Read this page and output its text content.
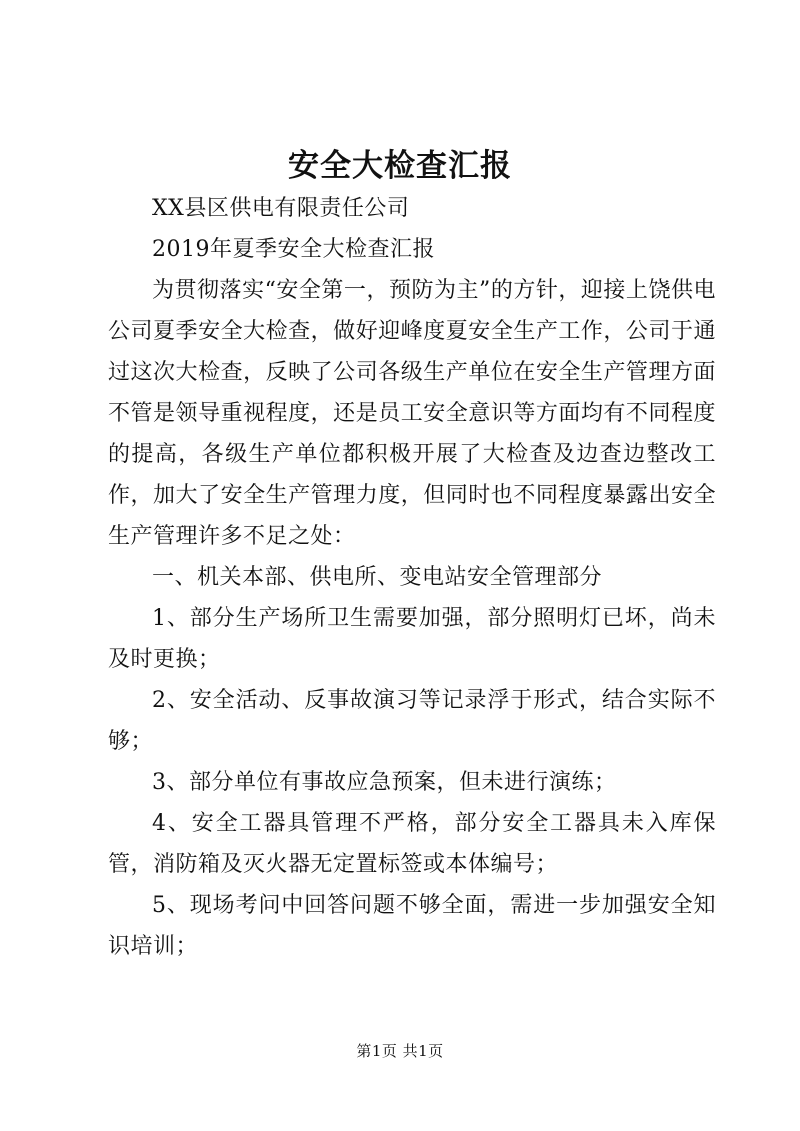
安全大检查汇报

XX县区供电有限责任公司

2019年夏季安全大检查汇报

为贯彻落实“安全第一，预防为主”的方针，迎接上饶供电公司夏季安全大检查，做好迎峰度夏安全生产工作，公司于通过这次大检查，反映了公司各级生产单位在安全生产管理方面不管是领导重视程度，还是员工安全意识等方面均有不同程度的提高，各级生产单位都积极开展了大检查及边查边整改工作，加大了安全生产管理力度，但同时也不同程度暴露出安全生产管理许多不足之处：

一、机关本部、供电所、变电站安全管理部分

1、部分生产场所卫生需要加强，部分照明灯已坏，尚未及时更换；

2、安全活动、反事故演习等记录浮于形式，结合实际不够；

3、部分单位有事故应急预案，但未进行演练；

4、安全工器具管理不严格，部分安全工器具未入库保管，消防箱及灭火器无定置标签或本体编号；

5、现场考问中回答问题不够全面，需进一步加强安全知识培训；

第1页 共1页
